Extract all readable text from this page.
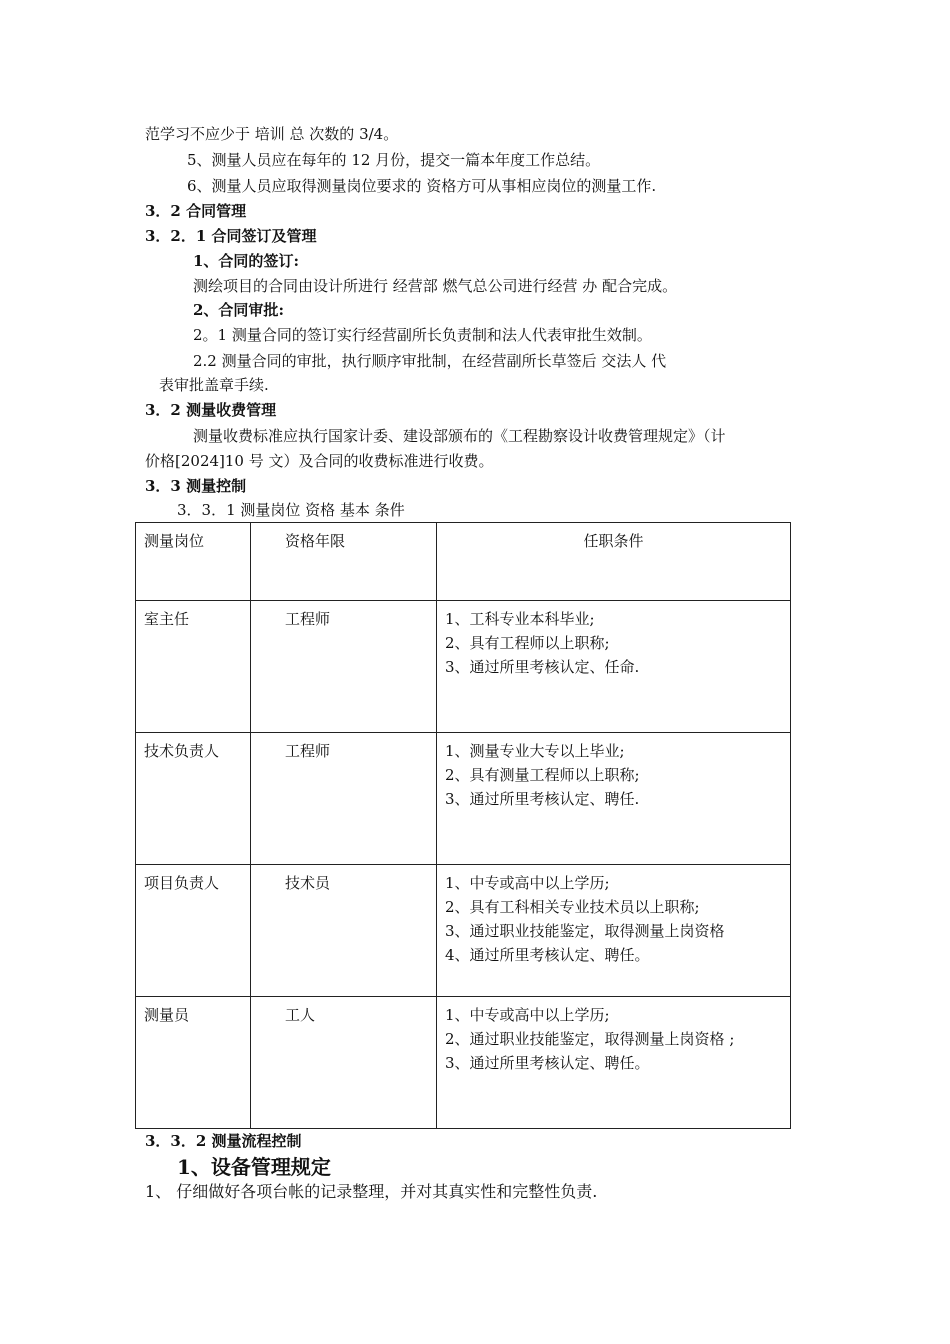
范学习不应少于 培训 总 次数的 3/4。
5、测量人员应在每年的 12 月份，提交一篇本年度工作总结。
6、测量人员应取得测量岗位要求的 资格方可从事相应岗位的测量工作.
3．2 合同管理
3．2．1 合同签订及管理
1、合同的签订:
测绘项目的合同由设计所进行 经营部 燃气总公司进行经营 办 配合完成。
2、合同审批:
2。1 测量合同的签订实行经营副所长负责制和法人代表审批生效制。
2.2 测量合同的审批，执行顺序审批制，在经营副所长草签后 交法人 代
表审批盖章手续.
3．2 测量收费管理
测量收费标准应执行国家计委、建设部颁布的《工程勘察设计收费管理规定》（计
价格[2024]10 号 文）及合同的收费标准进行收费。
3．3 测量控制
3．3．1 测量岗位 资格 基本 条件
测量岗位	资格年限	任职条件
室主任	工程师	1、工科专业本科毕业;
2、具有工程师以上职称;
3、通过所里考核认定、任命.

技术负责人	工程师	1、测量专业大专以上毕业;
2、具有测量工程师以上职称;
3、通过所里考核认定、聘任.

项目负责人	技术员	1、中专或高中以上学历;
2、具有工科相关专业技术员以上职称;
3、通过职业技能鉴定，取得测量上岗资格
4、通过所里考核认定、聘任。

测量员	工人	1、中专或高中以上学历;
2、通过职业技能鉴定，取得测量上岗资格 ;
3、通过所里考核认定、聘任。
3．3．2 测量流程控制
1、设备管理规定
1、 仔细做好各项台帐的记录整理，并对其真实性和完整性负责.
